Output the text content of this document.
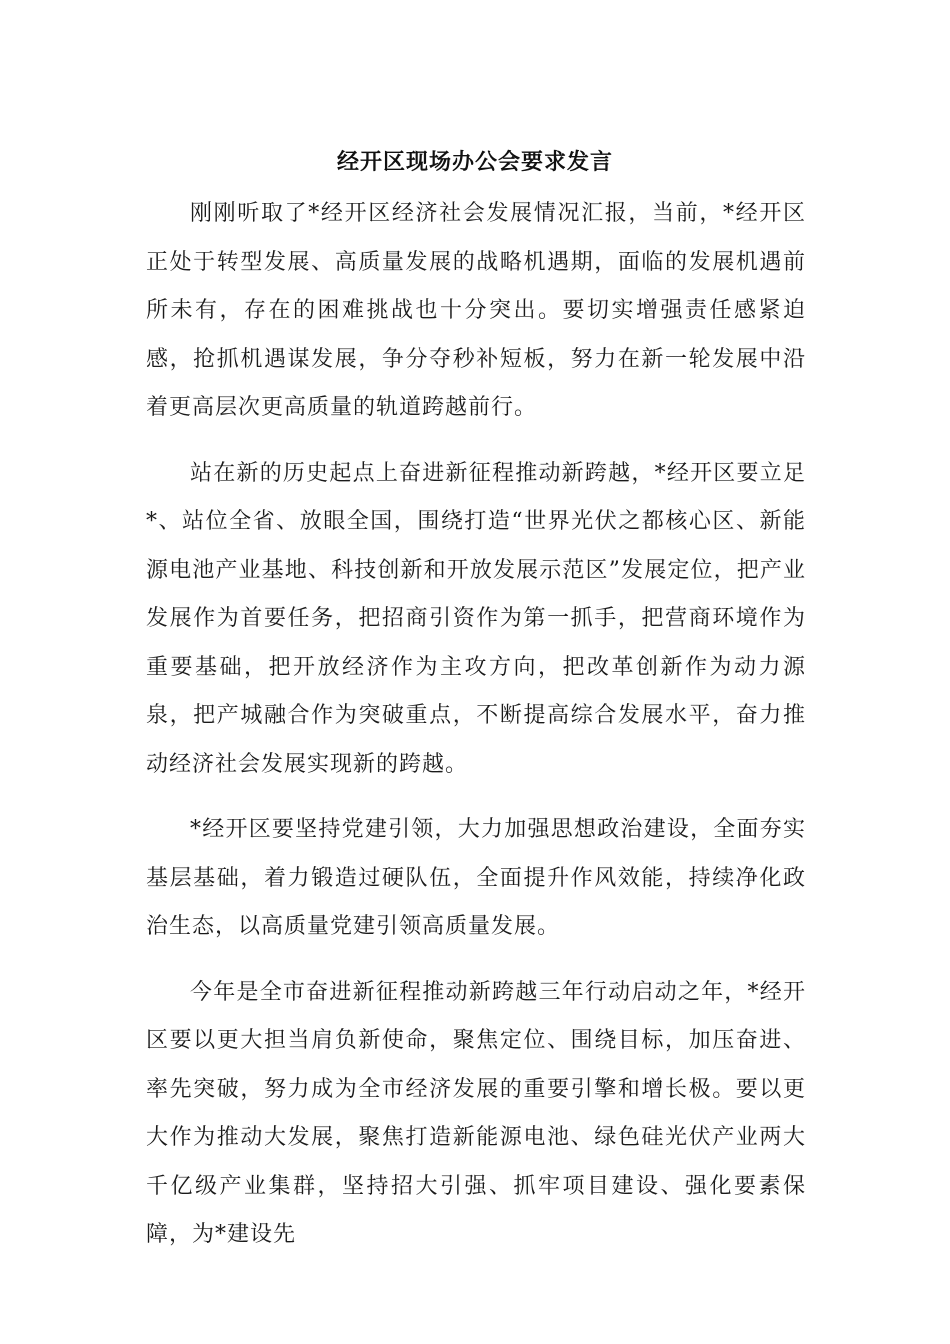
经开区现场办公会要求发言

刚刚听取了*经开区经济社会发展情况汇报，当前，*经开区正处于转型发展、高质量发展的战略机遇期，面临的发展机遇前所未有，存在的困难挑战也十分突出。要切实增强责任感紧迫感，抢抓机遇谋发展，争分夺秒补短板，努力在新一轮发展中沿着更高层次更高质量的轨道跨越前行。

站在新的历史起点上奋进新征程推动新跨越，*经开区要立足*、站位全省、放眼全国，围绕打造“世界光伏之都核心区、新能源电池产业基地、科技创新和开放发展示范区”发展定位，把产业发展作为首要任务，把招商引资作为第一抓手，把营商环境作为重要基础，把开放经济作为主攻方向，把改革创新作为动力源泉，把产城融合作为突破重点，不断提高综合发展水平，奋力推动经济社会发展实现新的跨越。

*经开区要坚持党建引领，大力加强思想政治建设，全面夯实基层基础，着力锻造过硬队伍，全面提升作风效能，持续净化政治生态，以高质量党建引领高质量发展。

今年是全市奋进新征程推动新跨越三年行动启动之年，*经开区要以更大担当肩负新使命，聚焦定位、围绕目标，加压奋进、率先突破，努力成为全市经济发展的重要引擎和增长极。要以更大作为推动大发展，聚焦打造新能源电池、绿色硅光伏产业两大千亿级产业集群，坚持招大引强、抓牢项目建设、强化要素保障，为*建设先
